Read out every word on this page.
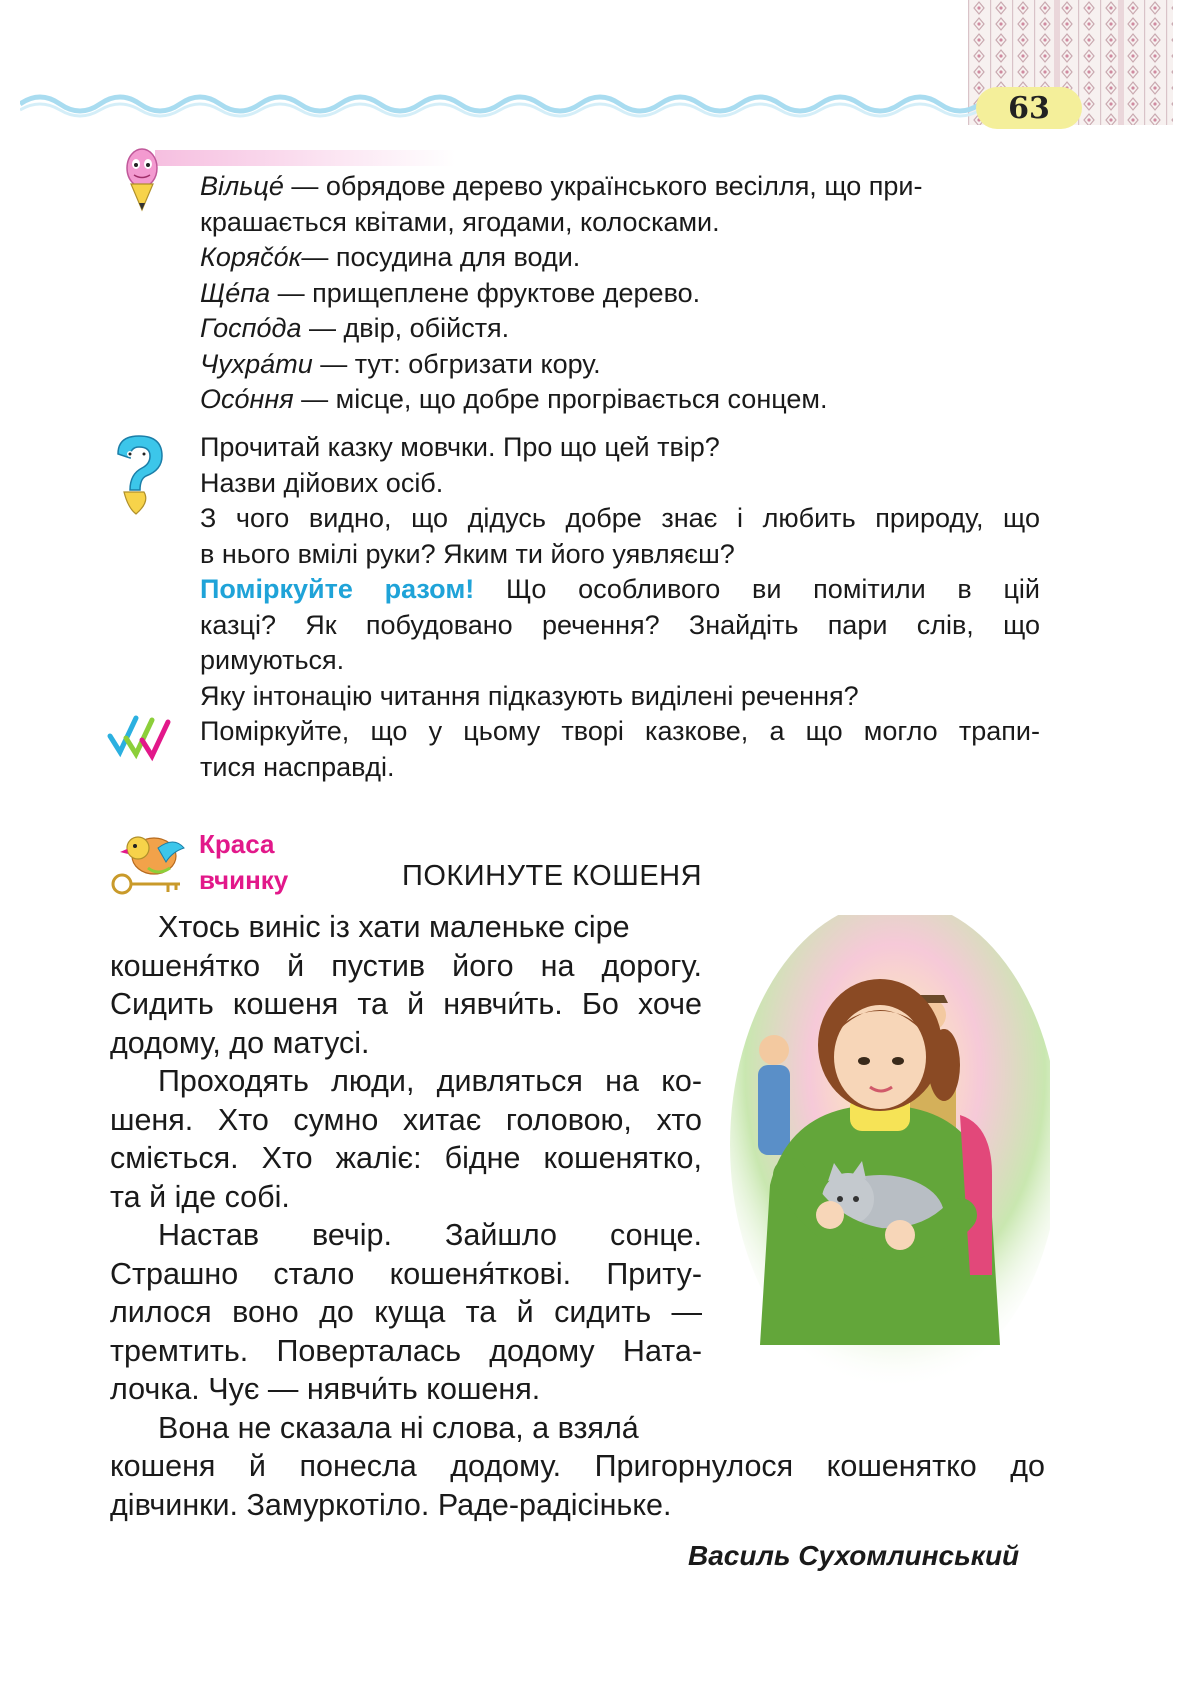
63
Вільце́ — обрядове дерево українського весілля, що при-
крашається квітами, ягодами, колосками.
Коряčо́к— посудина для води.
Ще́па — прищеплене фруктове дерево.
Госпо́да — двір, обійстя.
Чухра́ти — тут: обгризати кору.
Осо́ння — місце, що добре прогрівається сонцем.
Прочитай казку мовчки. Про що цей твір?
Назви дійових осіб.
З чого видно, що дідусь добре знає і любить природу, що
в нього вмілі руки? Яким ти його уявляєш?
Поміркуйте разом! Що особливого ви помітили в цій
казці? Як побудовано речення? Знайдіть пари слів, що
римуються.
Яку інтонацію читання підказують виділені речення?
Поміркуйте, що у цьому творі казкове, а що могло трапи-
тися насправді.
Краса
вчинку	ПОКИНУТЕ КОШЕНЯ
Хтось виніс із хати маленьке сіре
кошеня́тко й пустив його на дорогу.
Сидить кошеня та й нявчи́ть. Бо хоче
додому, до матусі.
Проходять люди, дивляться на ко-
шеня. Хто сумно хитає головою, хто
сміється. Хто жаліє: бідне кошенятко,
та й іде собі.
Настав вечір. Зайшло сонце.
Страшно стало кошеня́ткові. Приту-
лилося воно до куща та й сидить —
тремтить. Поверталась додому Ната-
лочка. Чує — нявчи́ть кошеня.
Вона не сказала ні слова, а взяла́
кошеня й понесла додому. Пригорнулося кошенятко до
дівчинки. Замуркотіло. Раде-радісіньке.
Василь Сухомлинський
